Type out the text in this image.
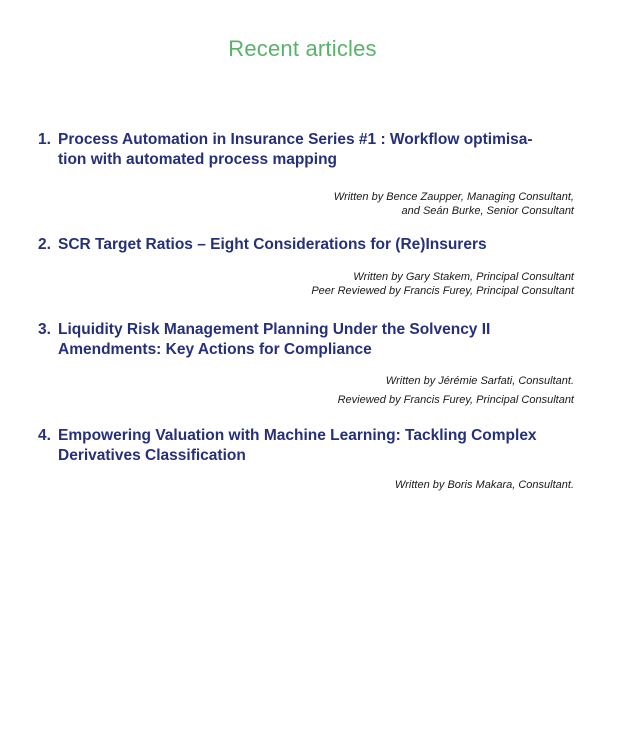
Recent articles
1. Process Automation in Insurance Series #1 : Workflow optimisa-
tion with automated process mapping
Written by Bence Zaupper, Managing Consultant,
and Seán Burke, Senior Consultant
2. SCR Target Ratios – Eight Considerations for (Re)Insurers
Written by Gary Stakem, Principal Consultant
Peer Reviewed by Francis Furey, Principal Consultant
3. Liquidity Risk Management Planning Under the Solvency II
Amendments: Key Actions for Compliance
Written by Jérémie Sarfati, Consultant.
Reviewed by Francis Furey, Principal Consultant
4. Empowering Valuation with Machine Learning: Tackling Complex
Derivatives Classification
Written by Boris Makara, Consultant.
